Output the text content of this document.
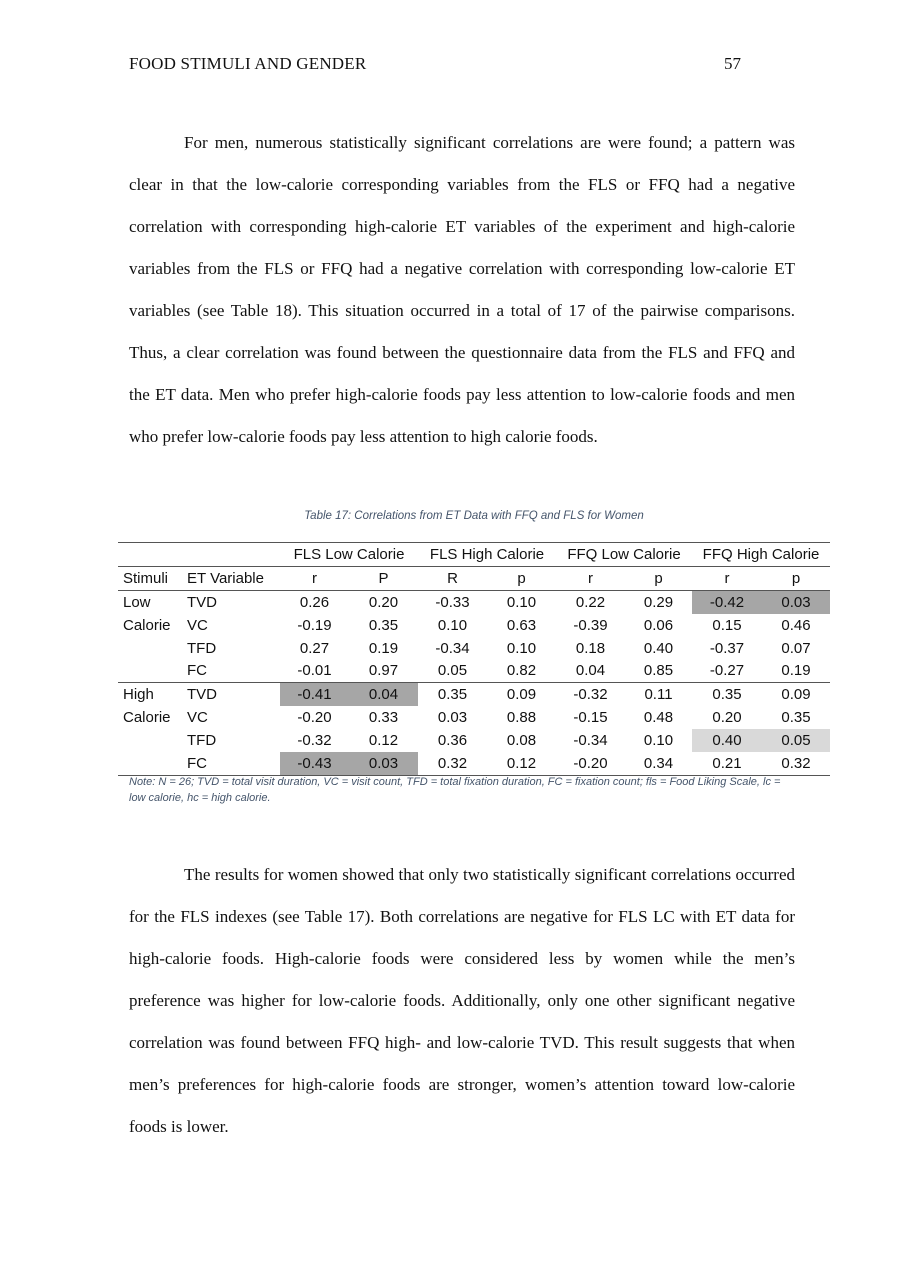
FOOD STIMULI AND GENDER	57

For men, numerous statistically significant correlations are were found; a pattern was clear in that the low-calorie corresponding variables from the FLS or FFQ had a negative correlation with corresponding high-calorie ET variables of the experiment and high-calorie variables from the FLS or FFQ had a negative correlation with corresponding low-calorie ET variables (see Table 18). This situation occurred in a total of 17 of the pairwise comparisons. Thus, a clear correlation was found between the questionnaire data from the FLS and FFQ and the ET data. Men who prefer high-calorie foods pay less attention to low-calorie foods and men who prefer low-calorie foods pay less attention to high calorie foods.

Table 17: Correlations from ET Data with FFQ and FLS for Women
		FLS Low Calorie		FLS High Calorie		FFQ Low Calorie		FFQ High Calorie	
Stimuli	ET Variable	r	P	R	p	r	p	r	p
Low	TVD	0.26	0.20	-0.33	0.10	0.22	0.29	-0.42	0.03
Calorie	VC	-0.19	0.35	0.10	0.63	-0.39	0.06	0.15	0.46
	TFD	0.27	0.19	-0.34	0.10	0.18	0.40	-0.37	0.07
	FC	-0.01	0.97	0.05	0.82	0.04	0.85	-0.27	0.19
High	TVD	-0.41	0.04	0.35	0.09	-0.32	0.11	0.35	0.09
Calorie	VC	-0.20	0.33	0.03	0.88	-0.15	0.48	0.20	0.35
	TFD	-0.32	0.12	0.36	0.08	-0.34	0.10	0.40	0.05
	FC	-0.43	0.03	0.32	0.12	-0.20	0.34	0.21	0.32
Note: N = 26; TVD = total visit duration, VC = visit count, TFD = total fixation duration, FC = fixation count; fls = Food Liking Scale, lc = low calorie, hc = high calorie.

The results for women showed that only two statistically significant correlations occurred for the FLS indexes (see Table 17). Both correlations are negative for FLS LC with ET data for high-calorie foods. High-calorie foods were considered less by women while the men’s preference was higher for low-calorie foods. Additionally, only one other significant negative correlation was found between FFQ high- and low-calorie TVD. This result suggests that when men’s preferences for high-calorie foods are stronger, women’s attention toward low-calorie foods is lower.
